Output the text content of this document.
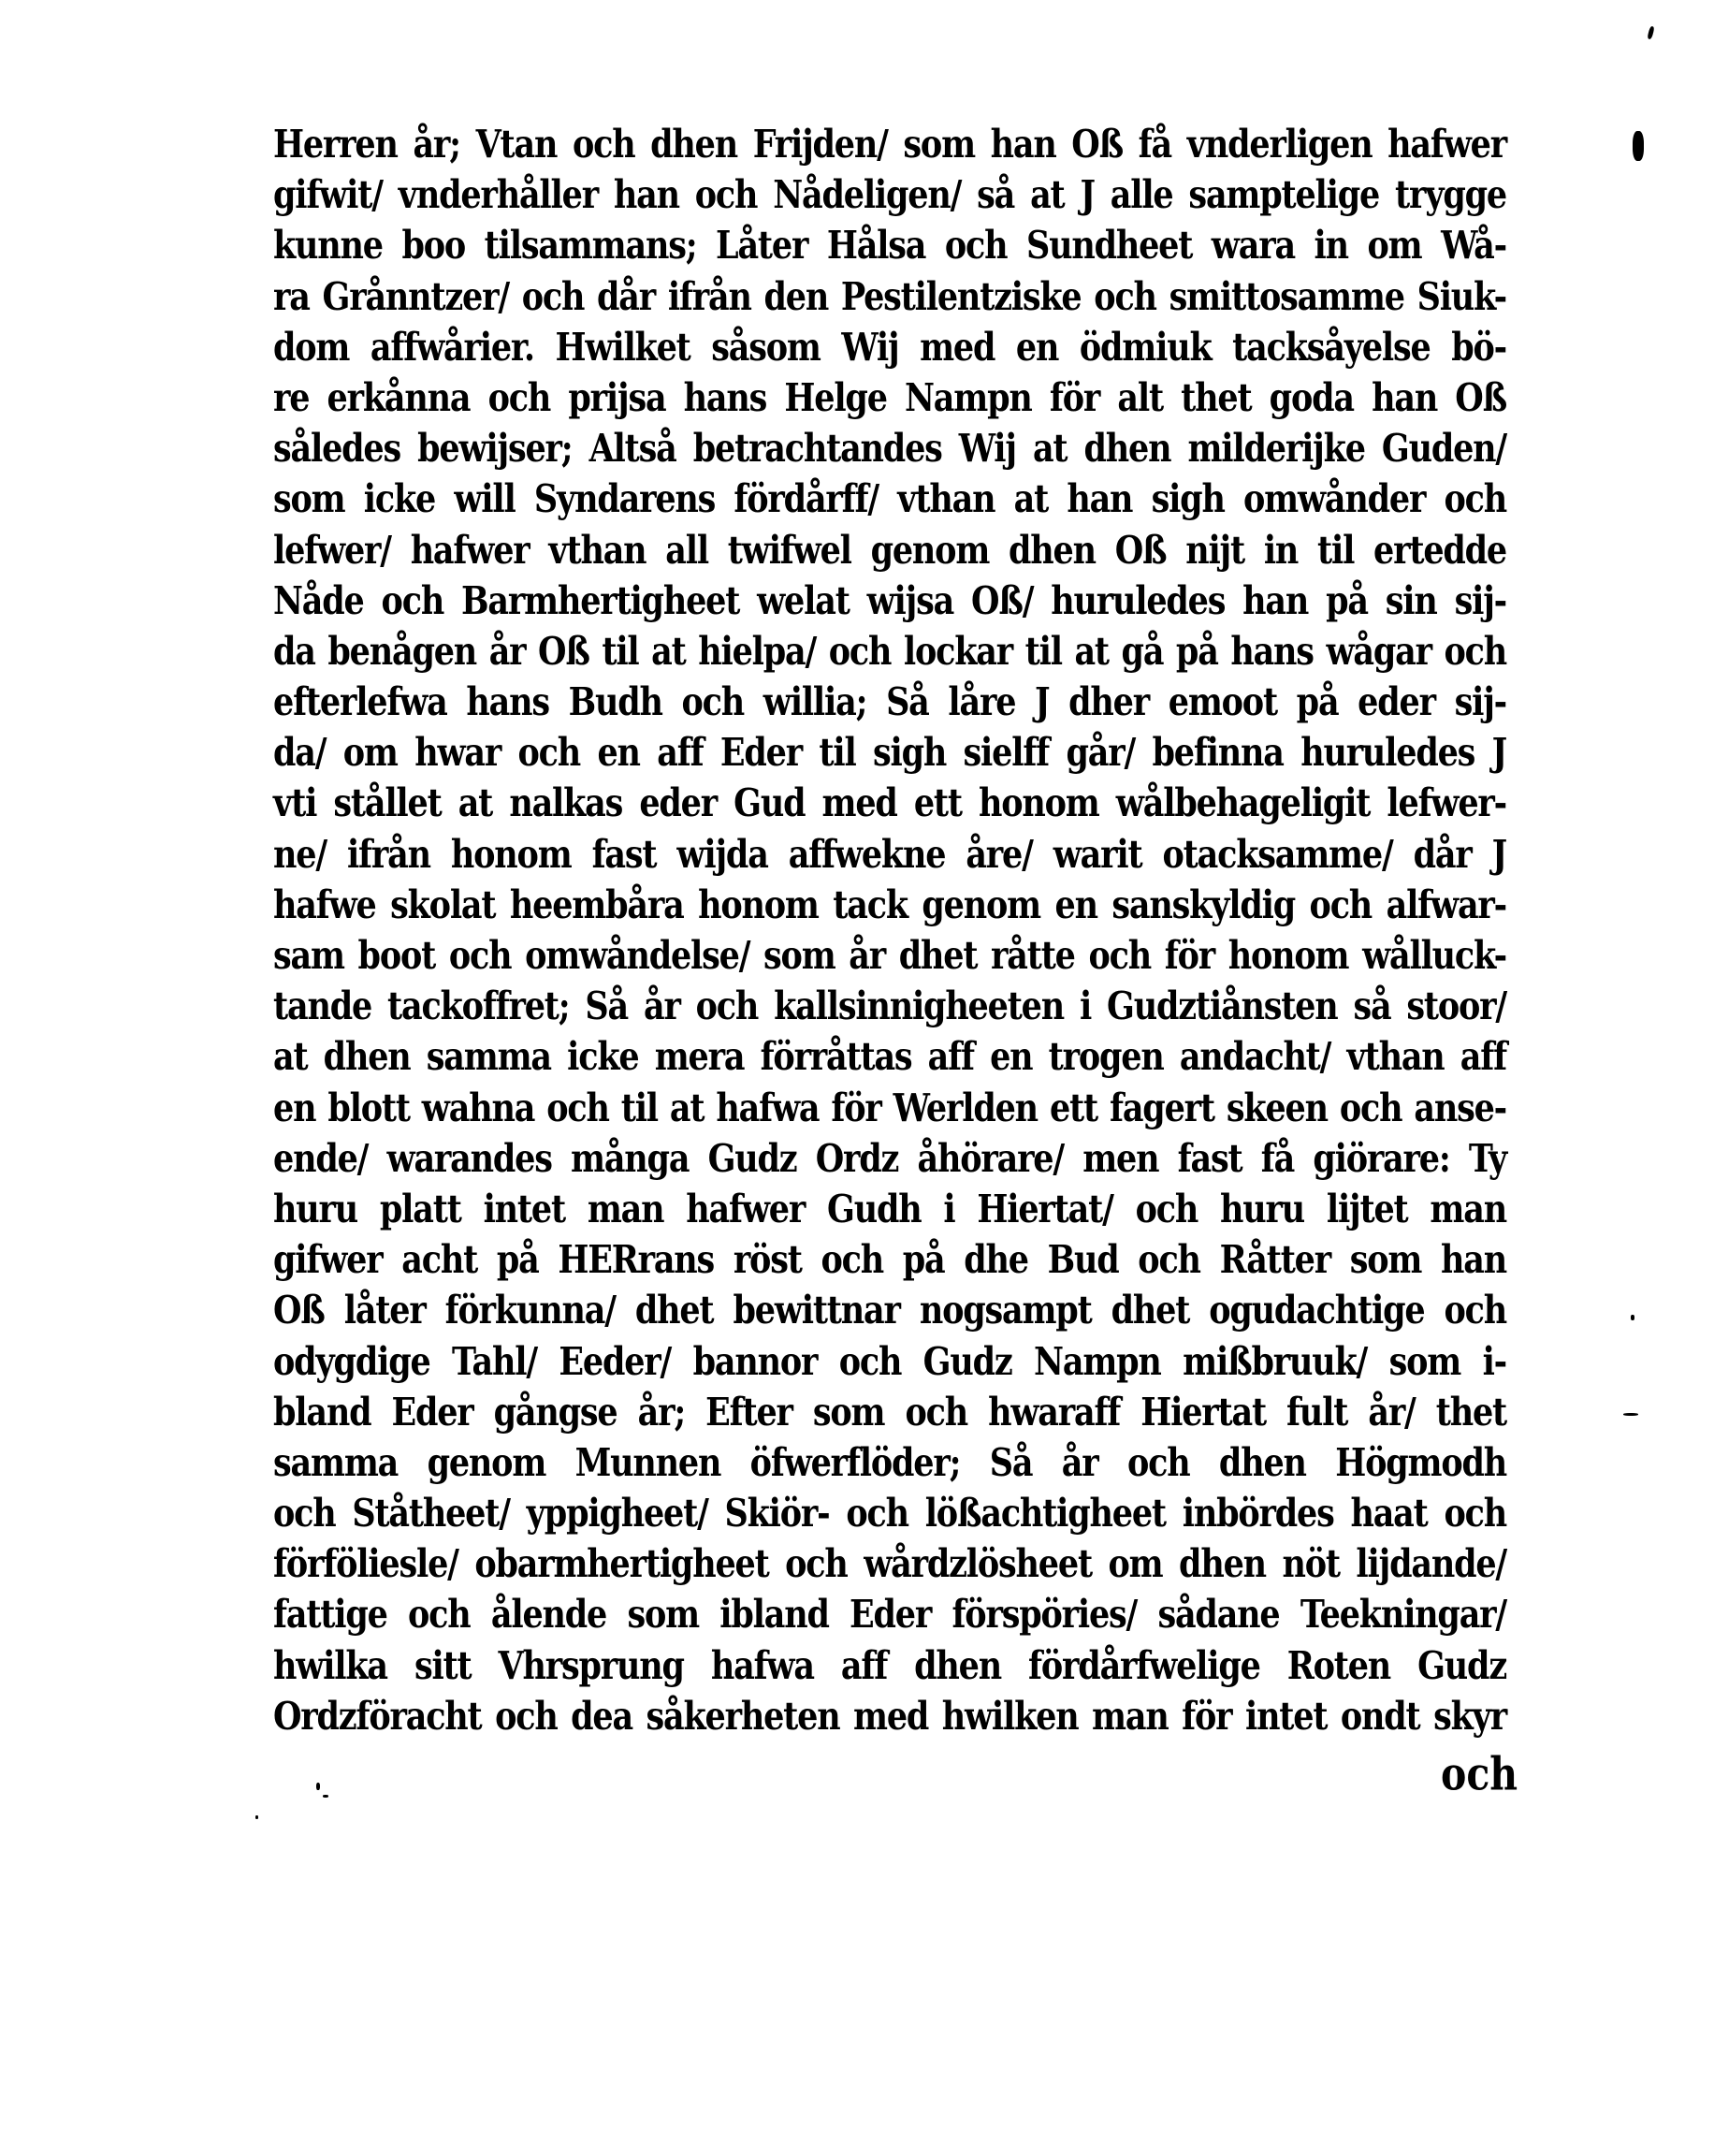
Herren år; Vtan och dhen Frijden/ som han Oß få vnderligen hafwer
gifwit/ vnderhåller han och Nådeligen/ så at J alle samptelige trygge
kunne boo tilsammans; Låter Hålsa och Sundheet wara in om Wå-
ra Grånntzer/ och dår ifrån den Pestilentziske och smittosamme Siuk-
dom affwårier. Hwilket såsom Wij med en ödmiuk tacksåyelse bö-
re erkånna och prijsa hans Helge Nampn för alt thet goda han Oß
således bewijser; Altså betrachtandes Wij at dhen milderijke Guden/
som icke will Syndarens fördårff/ vthan at han sigh omwånder och
lefwer/ hafwer vthan all twifwel genom dhen Oß nijt in til ertedde
Nåde och Barmhertigheet welat wijsa Oß/ huruledes han på sin sij-
da benågen år Oß til at hielpa/ och lockar til at gå på hans wågar och
efterlefwa hans Budh och willia; Så låre J dher emoot på eder sij-
da/ om hwar och en aff Eder til sigh sielff går/ befinna huruledes J
vti stållet at nalkas eder Gud med ett honom wålbehageligit lefwer-
ne/ ifrån honom fast wijda affwekne åre/ warit otacksamme/ dår J
hafwe skolat heembåra honom tack genom en sanskyldig och alfwar-
sam boot och omwåndelse/ som år dhet råtte och för honom wålluck-
tande tackoffret; Så år och kallsinnigheeten i Gudztiånsten så stoor/
at dhen samma icke mera förråttas aff en trogen andacht/ vthan aff
en blott wahna och til at hafwa för Werlden ett fagert skeen och anse-
ende/ warandes många Gudz Ordz åhörare/ men fast få giörare: Ty
huru platt intet man hafwer Gudh i Hiertat/ och huru lijtet man
gifwer acht på HERrans röst och på dhe Bud och Råtter som han
Oß låter förkunna/ dhet bewittnar nogsampt dhet ogudachtige och
odygdige Tahl/ Eeder/ bannor och Gudz Nampn mißbruuk/ som i-
bland Eder gångse år; Efter som och hwaraff Hiertat fult år/ thet
samma genom Munnen öfwerflöder; Så år och dhen Högmodh
och Ståtheet/ yppigheet/ Skiör- och lößachtigheet inbördes haat och
förföliesle/ obarmhertigheet och wårdzlösheet om dhen nöt lijdande/
fattige och ålende som ibland Eder förspöries/ sådane Teekningar/
hwilka sitt Vhrsprung hafwa aff dhen fördårfwelige Roten Gudz
Ordzföracht och dea såkerheten med hwilken man för intet ondt skyr
och
